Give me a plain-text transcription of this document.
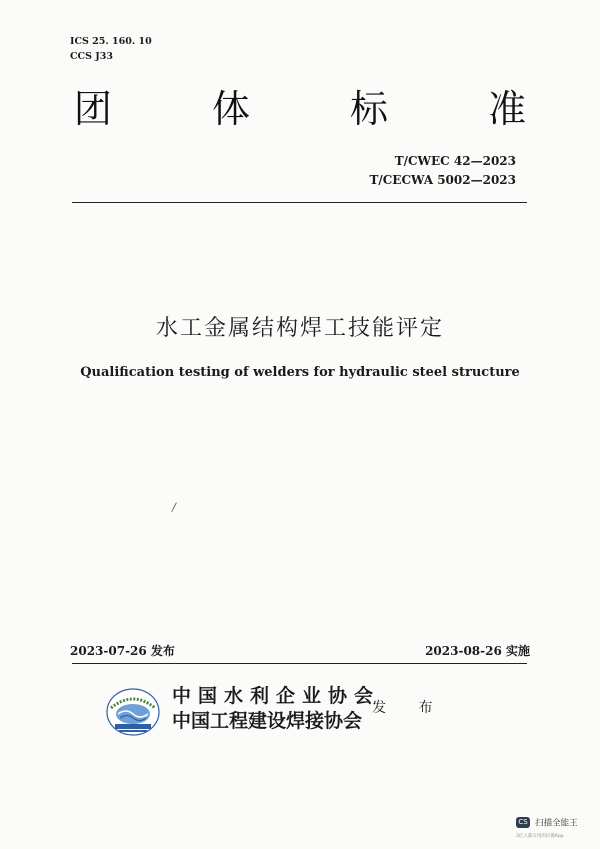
ICS 25. 160. 10
CCS J33
团 体 标 准
T/CWEC 42—2023
T/CECWA 5002—2023
水工金属结构焊工技能评定
Qualification testing of welders for hydraulic steel structure
/
2023-07-26 发布	2023-08-26 实施
中国水利企业协会
中国工程建设焊接协会
发 布
CS 扫描全能王
3亿人都在用的扫描App
